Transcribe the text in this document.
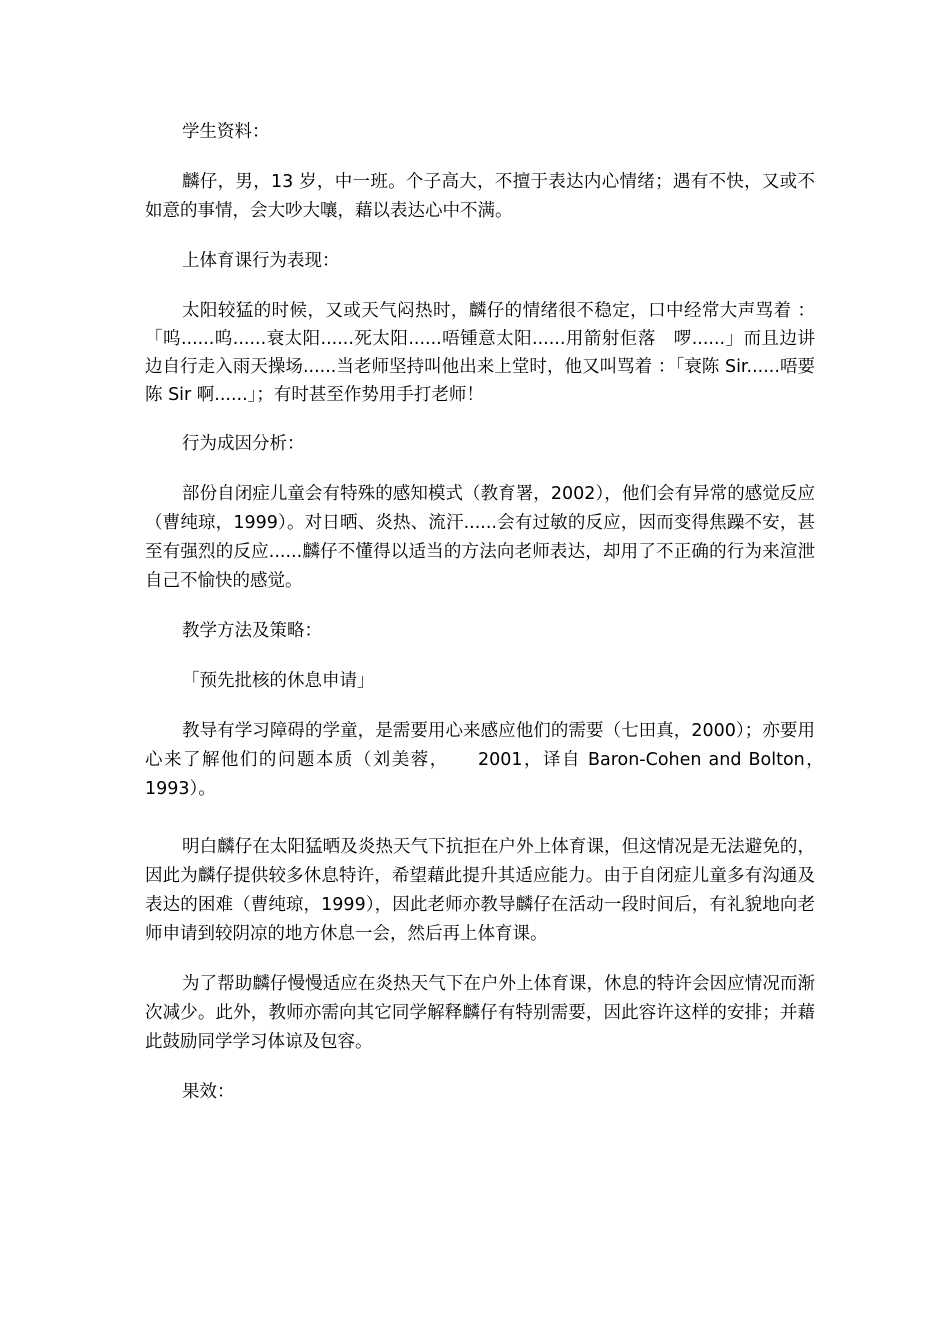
学生资料：

麟仔，男，13 岁，中一班。个子高大，不擅于表达内心情绪；遇有不快，又或不如意的事情，会大吵大嚷，藉以表达心中不满。

上体育课行为表现：

太阳较猛的时候，又或天气闷热时，麟仔的情绪很不稳定，口中经常大声骂着 ：「呜......呜......衰太阳......死太阳......唔锺意太阳......用箭射佢落　啰......」而且边讲边自行走入雨天操场......当老师坚持叫他出来上堂时，他又叫骂着 ：「衰陈 Sir......唔要陈 Sir 啊......」；有时甚至作势用手打老师！

行为成因分析：

部份自闭症儿童会有特殊的感知模式（教育署，2002），他们会有异常的感觉反应（曹纯琼，1999）。对日晒、炎热、流汗......会有过敏的反应，因而变得焦躁不安，甚至有强烈的反应......麟仔不懂得以适当的方法向老师表达，却用了不正确的行为来渲泄自己不愉快的感觉。

教学方法及策略：

「预先批核的休息申请」

教导有学习障碍的学童，是需要用心来感应他们的需要（七田真，2000）；亦要用心来了解他们的问题本质（刘美蓉，　　2001，译自 Baron-Cohen and Bolton，　1993）。

明白麟仔在太阳猛晒及炎热天气下抗拒在户外上体育课，但这情况是无法避免的，因此为麟仔提供较多休息特许，希望藉此提升其适应能力。由于自闭症儿童多有沟通及表达的困难（曹纯琼，1999），因此老师亦教导麟仔在活动一段时间后，有礼貌地向老师申请到较阴凉的地方休息一会，然后再上体育课。

为了帮助麟仔慢慢适应在炎热天气下在户外上体育课，休息的特许会因应情况而渐次减少。此外，教师亦需向其它同学解释麟仔有特别需要，因此容许这样的安排；并藉此鼓励同学学习体谅及包容。

果效：
